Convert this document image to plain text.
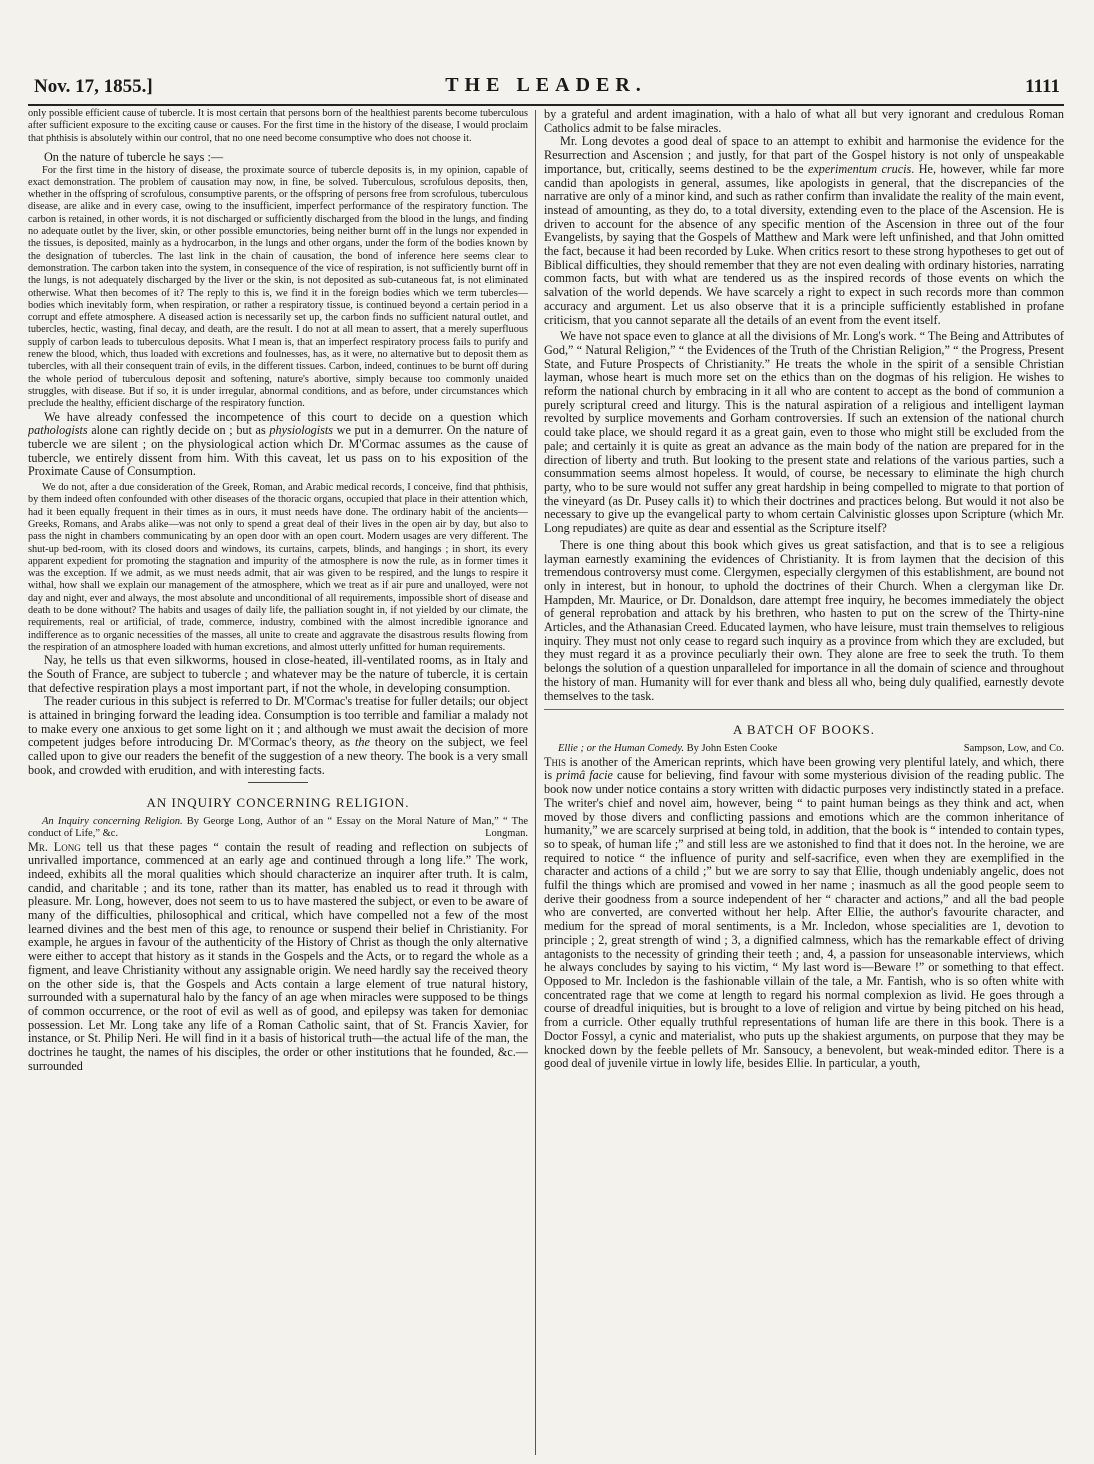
Nov. 17, 1855.]	THE LEADER.	1111

only possible efficient cause of tubercle. It is most certain that persons born of the healthiest parents become tuberculous after sufficient exposure to the exciting cause or causes. For the first time in the history of the disease, I would proclaim that phthisis is absolutely within our control, that no one need become consumptive who does not choose it.

On the nature of tubercle he says :—

For the first time in the history of disease, the proximate source of tubercle deposits is, in my opinion, capable of exact demonstration. The problem of causation may now, in fine, be solved. Tuberculous, scrofulous deposits, then, whether in the offspring of scrofulous, consumptive parents, or the offspring of persons free from scrofulous, tuberculous disease, are alike and in every case, owing to the insufficient, imperfect performance of the respiratory function. The carbon is retained, in other words, it is not discharged or sufficiently discharged from the blood in the lungs, and finding no adequate outlet by the liver, skin, or other possible emunctories, being neither burnt off in the lungs nor expended in the tissues, is deposited, mainly as a hydrocarbon, in the lungs and other organs, under the form of the bodies known by the designation of tubercles. The last link in the chain of causation, the bond of inference here seems clear to demonstration. The carbon taken into the system, in consequence of the vice of respiration, is not sufficiently burnt off in the lungs, is not adequately discharged by the liver or the skin, is not deposited as sub-cutaneous fat, is not eliminated otherwise. What then becomes of it? The reply to this is, we find it in the foreign bodies which we term tubercles—bodies which inevitably form, when respiration, or rather a respiratory tissue, is continued beyond a certain period in a corrupt and effete atmosphere. A diseased action is necessarily set up, the carbon finds no sufficient natural outlet, and tubercles, hectic, wasting, final decay, and death, are the result. I do not at all mean to assert, that a merely superfluous supply of carbon leads to tuberculous deposits. What I mean is, that an imperfect respiratory process fails to purify and renew the blood, which, thus loaded with excretions and foulnesses, has, as it were, no alternative but to deposit them as tubercles, with all their consequent train of evils, in the different tissues. Carbon, indeed, continues to be burnt off during the whole period of tuberculous deposit and softening, nature's abortive, simply because too commonly unaided struggles, with disease. But if so, it is under irregular, abnormal conditions, and as before, under circumstances which preclude the healthy, efficient discharge of the respiratory function.

We have already confessed the incompetence of this court to decide on a question which pathologists alone can rightly decide on ; but as physiologists we put in a demurrer. On the nature of tubercle we are silent ; on the physiological action which Dr. M'Cormac assumes as the cause of tubercle, we entirely dissent from him. With this caveat, let us pass on to his exposition of the Proximate Cause of Consumption.

We do not, after a due consideration of the Greek, Roman, and Arabic medical records, I conceive, find that phthisis, by them indeed often confounded with other diseases of the thoracic organs, occupied that place in their attention which, had it been equally frequent in their times as in ours, it must needs have done. The ordinary habit of the ancients—Greeks, Romans, and Arabs alike—was not only to spend a great deal of their lives in the open air by day, but also to pass the night in chambers communicating by an open door with an open court. Modern usages are very different. The shut-up bed-room, with its closed doors and windows, its curtains, carpets, blinds, and hangings ; in short, its every apparent expedient for promoting the stagnation and impurity of the atmosphere is now the rule, as in former times it was the exception. If we admit, as we must needs admit, that air was given to be respired, and the lungs to respire it withal, how shall we explain our management of the atmosphere, which we treat as if air pure and unalloyed, were not day and night, ever and always, the most absolute and unconditional of all requirements, impossible short of disease and death to be done without? The habits and usages of daily life, the palliation sought in, if not yielded by our climate, the requirements, real or artificial, of trade, commerce, industry, combined with the almost incredible ignorance and indifference as to organic necessities of the masses, all unite to create and aggravate the disastrous results flowing from the respiration of an atmosphere loaded with human excretions, and almost utterly unfitted for human requirements.

Nay, he tells us that even silkworms, housed in close-heated, ill-ventilated rooms, as in Italy and the South of France, are subject to tubercle ; and whatever may be the nature of tubercle, it is certain that defective respiration plays a most important part, if not the whole, in developing consumption.

The reader curious in this subject is referred to Dr. M'Cormac's treatise for fuller details; our object is attained in bringing forward the leading idea. Consumption is too terrible and familiar a malady not to make every one anxious to get some light on it ; and although we must await the decision of more competent judges before introducing Dr. M'Cormac's theory, as the theory on the subject, we feel called upon to give our readers the benefit of the suggestion of a new theory. The book is a very small book, and crowded with erudition, and with interesting facts.

AN INQUIRY CONCERNING RELIGION.

An Inquiry concerning Religion. By George Long, Author of an “ Essay on the Moral Nature of Man,” “ The conduct of Life,” &c.	Longman.

Mr. Long tell us that these pages “ contain the result of reading and reflection on subjects of unrivalled importance, commenced at an early age and continued through a long life.” The work, indeed, exhibits all the moral qualities which should characterize an inquirer after truth. It is calm, candid, and charitable ; and its tone, rather than its matter, has enabled us to read it through with pleasure. Mr. Long, however, does not seem to us to have mastered the subject, or even to be aware of many of the difficulties, philosophical and critical, which have compelled not a few of the most learned divines and the best men of this age, to renounce or suspend their belief in Christianity. For example, he argues in favour of the authenticity of the History of Christ as though the only alternative were either to accept that history as it stands in the Gospels and the Acts, or to regard the whole as a figment, and leave Christianity without any assignable origin. We need hardly say the received theory on the other side is, that the Gospels and Acts contain a large element of true natural history, surrounded with a supernatural halo by the fancy of an age when miracles were supposed to be things of common occurrence, or the root of evil as well as of good, and epilepsy was taken for demoniac possession. Let Mr. Long take any life of a Roman Catholic saint, that of St. Francis Xavier, for instance, or St. Philip Neri. He will find in it a basis of historical truth—the actual life of the man, the doctrines he taught, the names of his disciples, the order or other institutions that he founded, &c.—surrounded

by a grateful and ardent imagination, with a halo of what all but very ignorant and credulous Roman Catholics admit to be false miracles.

Mr. Long devotes a good deal of space to an attempt to exhibit and harmonise the evidence for the Resurrection and Ascension ; and justly, for that part of the Gospel history is not only of unspeakable importance, but, critically, seems destined to be the experimentum crucis. He, however, while far more candid than apologists in general, assumes, like apologists in general, that the discrepancies of the narrative are only of a minor kind, and such as rather confirm than invalidate the reality of the main event, instead of amounting, as they do, to a total diversity, extending even to the place of the Ascension. He is driven to account for the absence of any specific mention of the Ascension in three out of the four Evangelists, by saying that the Gospels of Matthew and Mark were left unfinished, and that John omitted the fact, because it had been recorded by Luke. When critics resort to these strong hypotheses to get out of Biblical difficulties, they should remember that they are not even dealing with ordinary histories, narrating common facts, but with what are tendered us as the inspired records of those events on which the salvation of the world depends. We have scarcely a right to expect in such records more than common accuracy and argument. Let us also observe that it is a principle sufficiently established in profane criticism, that you cannot separate all the details of an event from the event itself.

We have not space even to glance at all the divisions of Mr. Long's work. “ The Being and Attributes of God,” “ Natural Religion,” “ the Evidences of the Truth of the Christian Religion,” “ the Progress, Present State, and Future Prospects of Christianity.” He treats the whole in the spirit of a sensible Christian layman, whose heart is much more set on the ethics than on the dogmas of his religion. He wishes to reform the national church by embracing in it all who are content to accept as the bond of communion a purely scriptural creed and liturgy. This is the natural aspiration of a religious and intelligent layman revolted by surplice movements and Gorham controversies. If such an extension of the national church could take place, we should regard it as a great gain, even to those who might still be excluded from the pale; and certainly it is quite as great an advance as the main body of the nation are prepared for in the direction of liberty and truth. But looking to the present state and relations of the various parties, such a consummation seems almost hopeless. It would, of course, be necessary to eliminate the high church party, who to be sure would not suffer any great hardship in being compelled to migrate to that portion of the vineyard (as Dr. Pusey calls it) to which their doctrines and practices belong. But would it not also be necessary to give up the evangelical party to whom certain Calvinistic glosses upon Scripture (which Mr. Long repudiates) are quite as dear and essential as the Scripture itself?

There is one thing about this book which gives us great satisfaction, and that is to see a religious layman earnestly examining the evidences of Christianity. It is from laymen that the decision of this tremendous controversy must come. Clergymen, especially clergymen of this establishment, are bound not only in interest, but in honour, to uphold the doctrines of their Church. When a clergyman like Dr. Hampden, Mr. Maurice, or Dr. Donaldson, dare attempt free inquiry, he becomes immediately the object of general reprobation and attack by his brethren, who hasten to put on the screw of the Thirty-nine Articles, and the Athanasian Creed. Educated laymen, who have leisure, must train themselves to religious inquiry. They must not only cease to regard such inquiry as a province from which they are excluded, but they must regard it as a province peculiarly their own. They alone are free to seek the truth. To them belongs the solution of a question unparalleled for importance in all the domain of science and throughout the history of man. Humanity will for ever thank and bless all who, being duly qualified, earnestly devote themselves to the task.

A BATCH OF BOOKS.

Ellie ; or the Human Comedy. By John Esten Cooke	Sampson, Low, and Co.

This is another of the American reprints, which have been growing very plentiful lately, and which, there is primâ facie cause for believing, find favour with some mysterious division of the reading public. The book now under notice contains a story written with didactic purposes very indistinctly stated in a preface. The writer's chief and novel aim, however, being “ to paint human beings as they think and act, when moved by those divers and conflicting passions and emotions which are the common inheritance of humanity,” we are scarcely surprised at being told, in addition, that the book is “ intended to contain types, so to speak, of human life ;” and still less are we astonished to find that it does not. In the heroine, we are required to notice “ the influence of purity and self-sacrifice, even when they are exemplified in the character and actions of a child ;” but we are sorry to say that Ellie, though undeniably angelic, does not fulfil the things which are promised and vowed in her name ; inasmuch as all the good people seem to derive their goodness from a source independent of her “ character and actions,” and all the bad people who are converted, are converted without her help. After Ellie, the author's favourite character, and medium for the spread of moral sentiments, is a Mr. Incledon, whose specialities are 1, devotion to principle ; 2, great strength of wind ; 3, a dignified calmness, which has the remarkable effect of driving antagonists to the necessity of grinding their teeth ; and, 4, a passion for unseasonable interviews, which he always concludes by saying to his victim, “ My last word is—Beware !” or something to that effect. Opposed to Mr. Incledon is the fashionable villain of the tale, a Mr. Fantish, who is so often white with concentrated rage that we come at length to regard his normal complexion as livid. He goes through a course of dreadful iniquities, but is brought to a love of religion and virtue by being pitched on his head, from a curricle. Other equally truthful representations of human life are there in this book. There is a Doctor Fossyl, a cynic and materialist, who puts up the shakiest arguments, on purpose that they may be knocked down by the feeble pellets of Mr. Sansoucy, a benevolent, but weak-minded editor. There is a good deal of juvenile virtue in lowly life, besides Ellie. In particular, a youth,
